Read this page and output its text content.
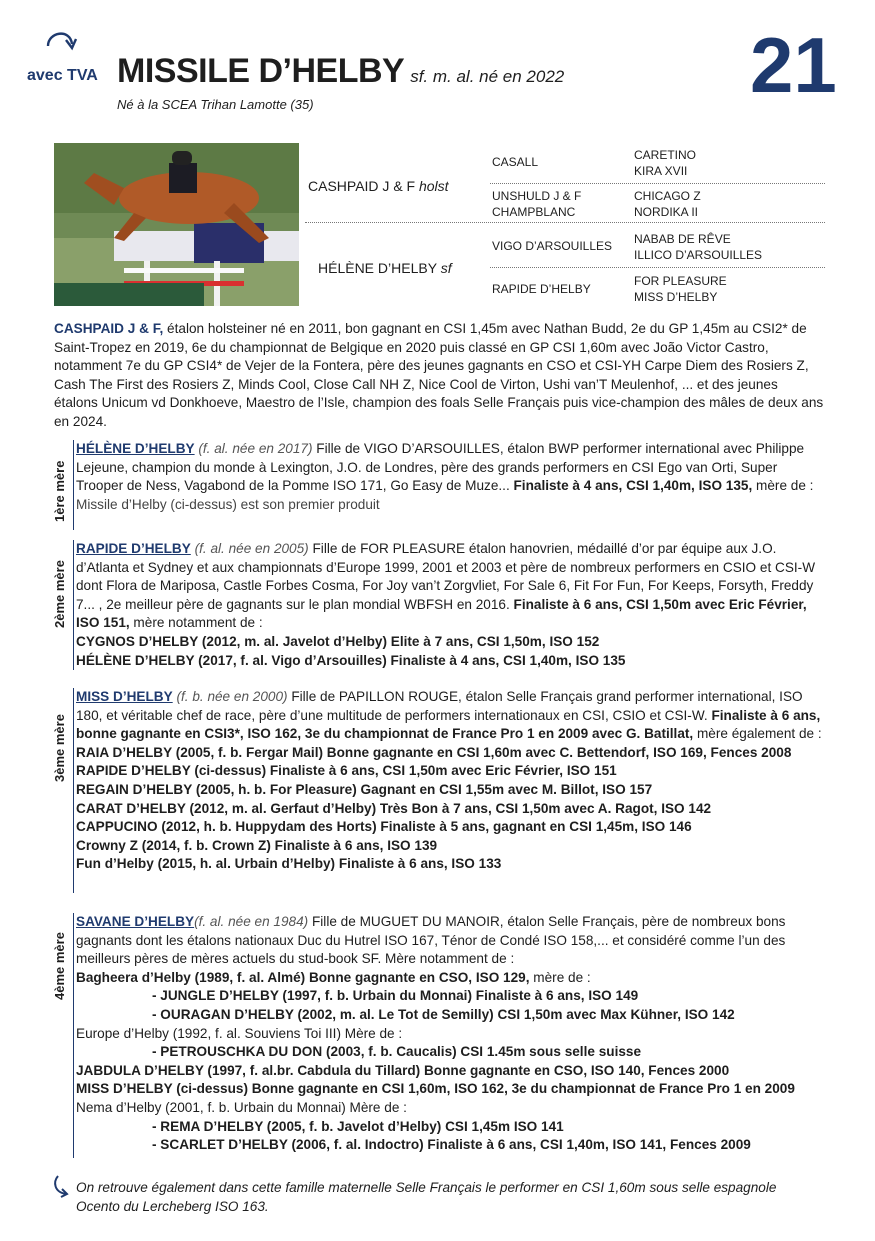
avec TVA MISSILE D’HELBY sf. m. al. né en 2022
Né à la SCEA Trihan Lamotte (35)	21
CASHPAID J & F holst
HÉLÈNE D’HELBY sf
CASALL
UNSHULD J & F
CHAMPBLANC
VIGO D’ARSOUILLES
RAPIDE D’HELBY
CARETINO
KIRA XVII
CHICAGO Z
NORDIKA II
NABAB DE RÊVE
ILLICO D’ARSOUILLES
FOR PLEASURE
MISS D’HELBY
CASHPAID J & F, étalon holsteiner né en 2011, bon gagnant en CSI 1,45m avec Nathan Budd, 2e du GP 1,45m au CSI2* de Saint-Tropez en 2019, 6e du championnat de Belgique en 2020 puis classé en GP CSI 1,60m avec João Victor Castro, notamment 7e du GP CSI4* de Vejer de la Fontera, père des jeunes gagnants en CSO et CSI-YH Carpe Diem des Rosiers Z, Cash The First des Rosiers Z, Minds Cool, Close Call NH Z, Nice Cool de Virton, Ushi van’T Meulenhof, ... et des jeunes étalons Unicum vd Donkhoeve, Maestro de l’Isle, champion des foals Selle Français puis vice-champion des mâles de deux ans en 2024.
1ère mère
HÉLÈNE D’HELBY (f. al. née en 2017) Fille de VIGO D’ARSOUILLES, étalon BWP performer international avec Philippe Lejeune, champion du monde à Lexington, J.O. de Londres, père des grands performers en CSI Ego van Orti, Super Trooper de Ness, Vagabond de la Pomme ISO 171, Go Easy de Muze... Finaliste à 4 ans, CSI 1,40m, ISO 135, mère de :
Missile d’Helby (ci-dessus) est son premier produit
2ème mère
RAPIDE D’HELBY (f. al. née en 2005) Fille de FOR PLEASURE étalon hanovrien, médaillé d’or par équipe aux J.O. d’Atlanta et Sydney et aux championnats d’Europe 1999, 2001 et 2003 et père de nombreux performers en CSIO et CSI-W dont Flora de Mariposa, Castle Forbes Cosma, For Joy van’t Zorgvliet, For Sale 6, Fit For Fun, For Keeps, Forsyth, Freddy 7... , 2e meilleur père de gagnants sur le plan mondial WBFSH en 2016. Finaliste à 6 ans, CSI 1,50m avec Eric Février, ISO 151, mère notamment de :
CYGNOS D’HELBY (2012, m. al. Javelot d’Helby) Elite à 7 ans, CSI 1,50m, ISO 152
HÉLÈNE D’HELBY (2017, f. al. Vigo d’Arsouilles) Finaliste à 4 ans, CSI 1,40m, ISO 135
3ème mère
MISS D’HELBY (f. b. née en 2000) Fille de PAPILLON ROUGE, étalon Selle Français grand performer international, ISO 180, et véritable chef de race, père d’une multitude de performers internationaux en CSI, CSIO et CSI-W. Finaliste à 6 ans, bonne gagnante en CSI3*, ISO 162, 3e du championnat de France Pro 1 en 2009 avec G. Batillat, mère également de :
RAIA D’HELBY (2005, f. b. Fergar Mail) Bonne gagnante en CSI 1,60m avec C. Bettendorf, ISO 169, Fences 2008
RAPIDE D’HELBY (ci-dessus) Finaliste à 6 ans, CSI 1,50m avec Eric Février, ISO 151
REGAIN D’HELBY (2005, h. b. For Pleasure) Gagnant en CSI 1,55m avec M. Billot, ISO 157
CARAT D’HELBY (2012, m. al. Gerfaut d’Helby) Très Bon à 7 ans, CSI 1,50m avec A. Ragot, ISO 142
CAPPUCINO (2012, h. b. Huppydam des Horts) Finaliste à 5 ans, gagnant en CSI 1,45m, ISO 146
Crowny Z (2014, f. b. Crown Z) Finaliste à 6 ans, ISO 139
Fun d’Helby (2015, h. al. Urbain d’Helby) Finaliste à 6 ans, ISO 133
4ème mère
SAVANE D’HELBY(f. al. née en 1984) Fille de MUGUET DU MANOIR, étalon Selle Français, père de nombreux bons gagnants dont les étalons nationaux Duc du Hutrel ISO 167, Ténor de Condé ISO 158,... et considéré comme l’un des meilleurs pères de mères actuels du stud-book SF. Mère notamment de :
Bagheera d’Helby (1989, f. al. Almé) Bonne gagnante en CSO, ISO 129, mère de :

- JUNGLE D’HELBY (1997, f. b. Urbain du Monnai) Finaliste à 6 ans, ISO 149
- OURAGAN D’HELBY (2002, m. al. Le Tot de Semilly) CSI 1,50m avec Max Kühner, ISO 142
Europe d’Helby (1992, f. al. Souviens Toi III) Mère de :

- PETROUSCHKA DU DON (2003, f. b. Caucalis) CSI 1.45m sous selle suisse
JABDULA D’HELBY (1997, f. al.br. Cabdula du Tillard) Bonne gagnante en CSO, ISO 140, Fences 2000
MISS D’HELBY (ci-dessus) Bonne gagnante en CSI 1,60m, ISO 162, 3e du championnat de France Pro 1 en 2009
Nema d’Helby (2001, f. b. Urbain du Monnai) Mère de :

- REMA D’HELBY (2005, f. b. Javelot d’Helby) CSI 1,45m ISO 141
- SCARLET D’HELBY (2006, f. al. Indoctro) Finaliste à 6 ans, CSI 1,40m, ISO 141, Fences 2009
On retrouve également dans cette famille maternelle Selle Français le performer en CSI 1,60m sous selle espagnole Ocento du Lercheberg ISO 163.
